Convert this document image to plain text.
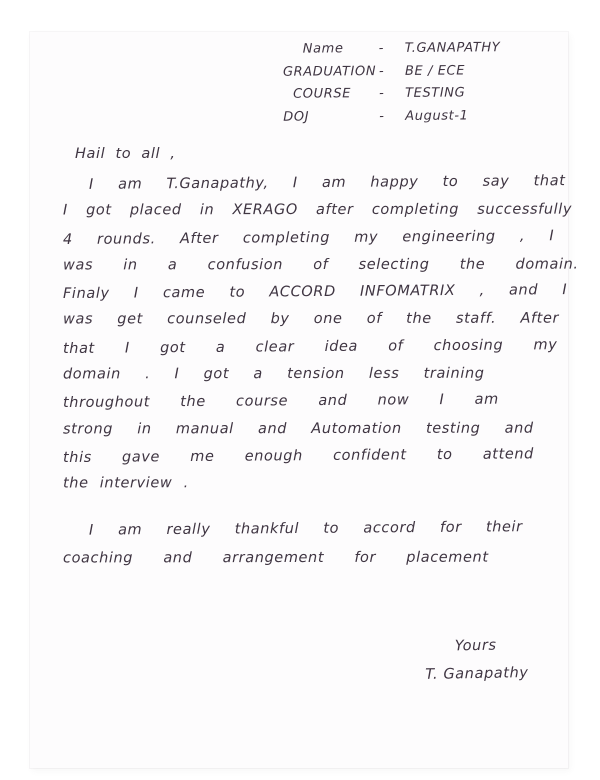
Name	-	T.GANAPATHY
GRADUATION -	BE / ECE
COURSE	-	TESTING
DOJ	-	August-1
Hail to all ,
I am T.Ganapathy, I am happy to say that
I got placed in XERAGO after completing successfully
4 rounds. After completing my engineering , I
was in a confusion of selecting the domain.
Finaly I came to ACCORD INFOMATRIX , and I
was get counseled by one of the staff. After
that I got a clear idea of choosing my
domain . I got a tension less training
throughout the course and now I am
strong in manual and Automation testing and
this gave me enough confident to attend
the interview .
I am really thankful to accord for their
coaching and arrangement for placement
Yours
T. Ganapathy
